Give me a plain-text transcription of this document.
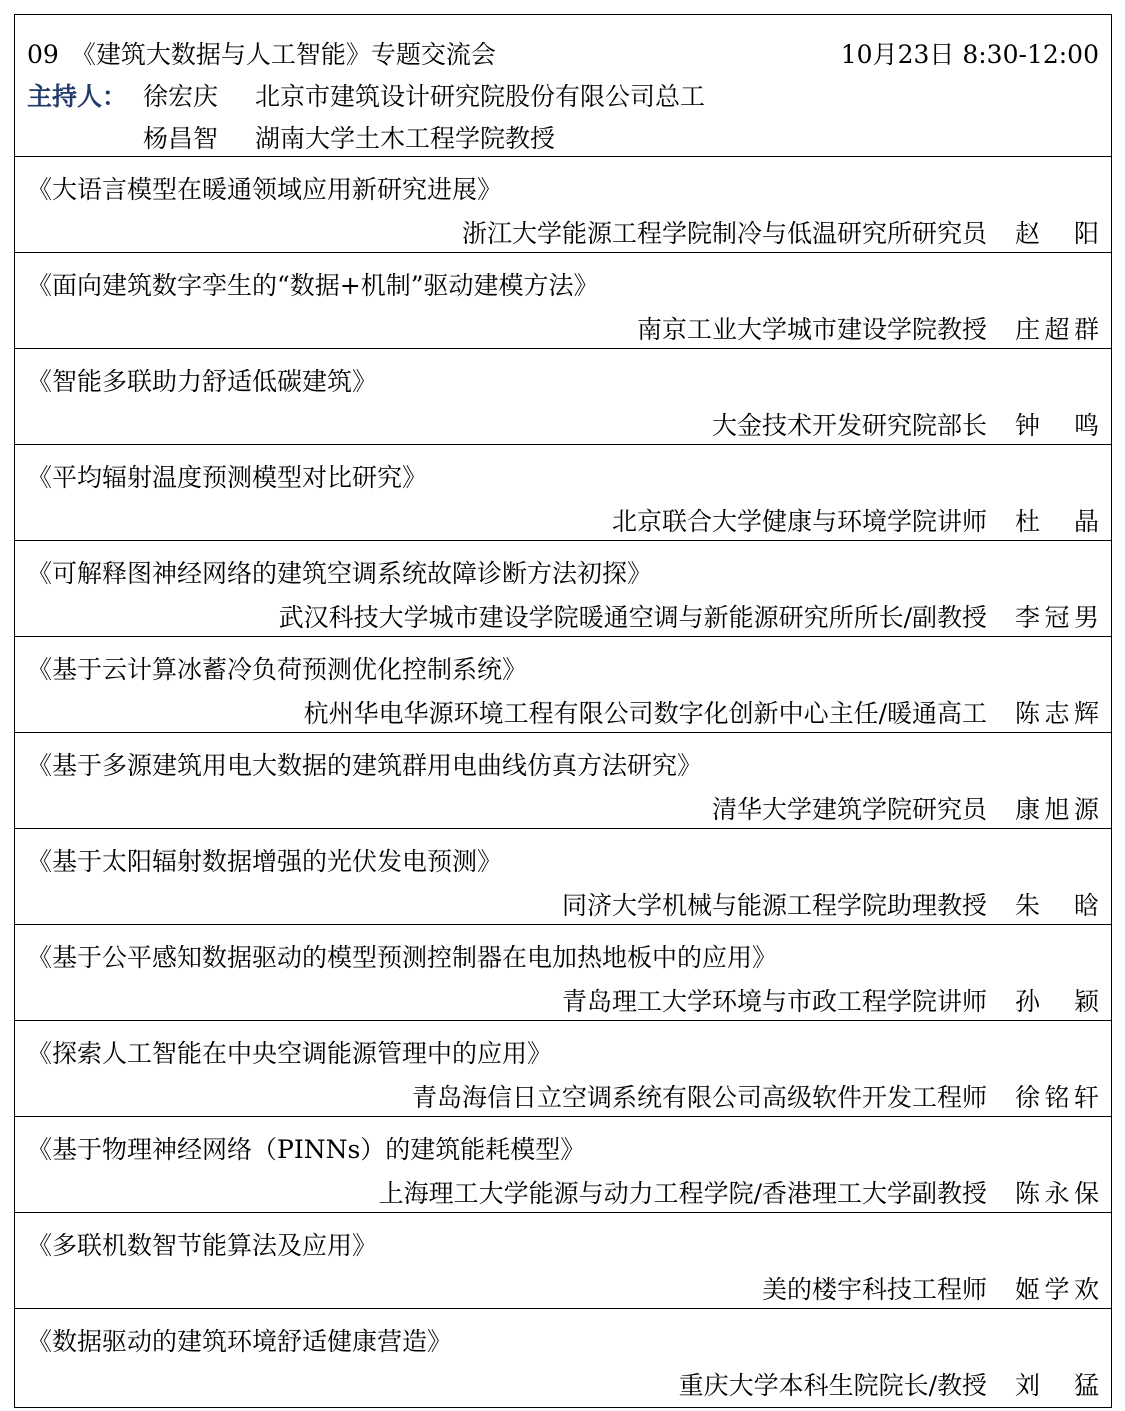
09 《建筑大数据与人工智能》专题交流会	10月23日 8:30-12:00
主持人： 徐宏庆 北京市建筑设计研究院股份有限公司总工
杨昌智 湖南大学土木工程学院教授
《大语言模型在暖通领域应用新研究进展》
浙江大学能源工程学院制冷与低温研究所研究员 赵 阳
《面向建筑数字孪生的“数据+机制”驱动建模方法》
南京工业大学城市建设学院教授 庄超群
《智能多联助力舒适低碳建筑》
大金技术开发研究院部长 钟 鸣
《平均辐射温度预测模型对比研究》
北京联合大学健康与环境学院讲师 杜 晶
《可解释图神经网络的建筑空调系统故障诊断方法初探》
武汉科技大学城市建设学院暖通空调与新能源研究所所长/副教授 李冠男
《基于云计算冰蓄冷负荷预测优化控制系统》
杭州华电华源环境工程有限公司数字化创新中心主任/暖通高工 陈志辉
《基于多源建筑用电大数据的建筑群用电曲线仿真方法研究》
清华大学建筑学院研究员 康旭源
《基于太阳辐射数据增强的光伏发电预测》
同济大学机械与能源工程学院助理教授 朱 晗
《基于公平感知数据驱动的模型预测控制器在电加热地板中的应用》
青岛理工大学环境与市政工程学院讲师 孙 颖
《探索人工智能在中央空调能源管理中的应用》
青岛海信日立空调系统有限公司高级软件开发工程师 徐铭轩
《基于物理神经网络（PINNs）的建筑能耗模型》
上海理工大学能源与动力工程学院/香港理工大学副教授 陈永保
《多联机数智节能算法及应用》
美的楼宇科技工程师 姬学欢
《数据驱动的建筑环境舒适健康营造》
重庆大学本科生院院长/教授 刘 猛
